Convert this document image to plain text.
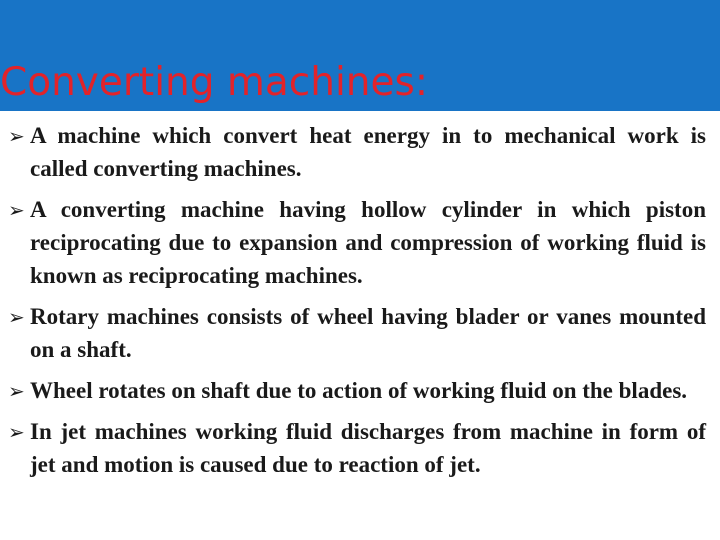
Converting machines:
➢ A machine which convert heat energy in to mechanical work is called converting machines.
➢ A converting machine having hollow cylinder in which piston reciprocating due to expansion and compression of working fluid is known as reciprocating machines.
➢ Rotary machines consists of wheel having blader or vanes mounted on a shaft.
➢ Wheel rotates on shaft due to action of working fluid on the blades.
➢ In jet machines working fluid discharges from machine in form of jet and motion is caused due to reaction of jet.
